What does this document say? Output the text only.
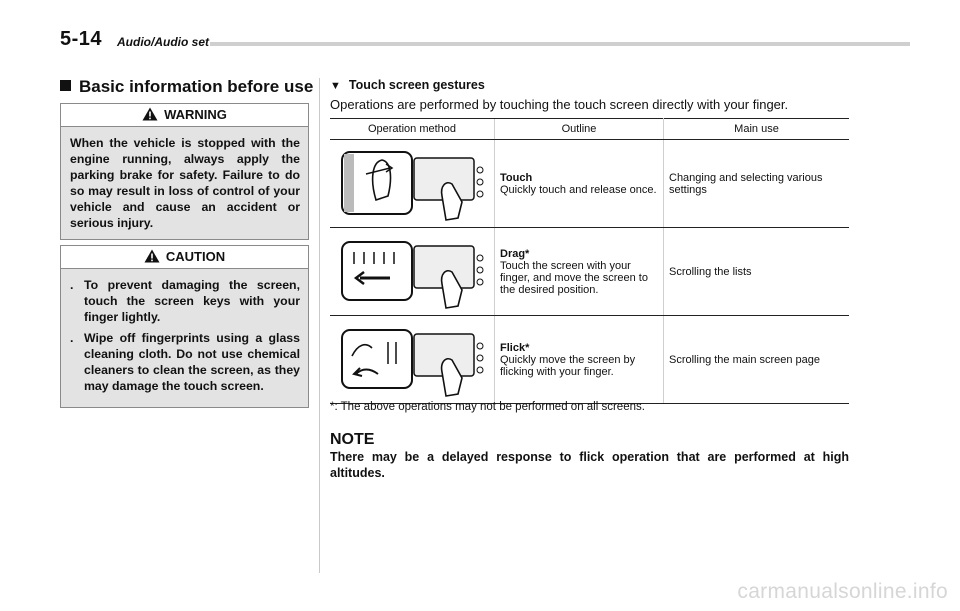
5-14 Audio/Audio set
Basic information before use
WARNING
When the vehicle is stopped with the engine running, always apply the parking brake for safety. Failure to do so may result in loss of control of your vehicle and cause an accident or serious injury.
CAUTION
. To prevent damaging the screen, touch the screen keys with your finger lightly.
. Wipe off fingerprints using a glass cleaning cloth. Do not use chemical cleaners to clean the screen, as they may damage the touch screen.
▼ Touch screen gestures
Operations are performed by touching the touch screen directly with your finger.
Operation method	Outline	Main use

Touch
Quickly touch and release once.	Changing and selecting various settings

Drag*
Touch the screen with your finger, and move the screen to the desired position.	Scrolling the lists

Flick*
Quickly move the screen by flicking with your finger.	Scrolling the main screen page
*: The above operations may not be performed on all screens.
NOTE
There may be a delayed response to flick operation that are performed at high altitudes.
carmanualsonline.info
